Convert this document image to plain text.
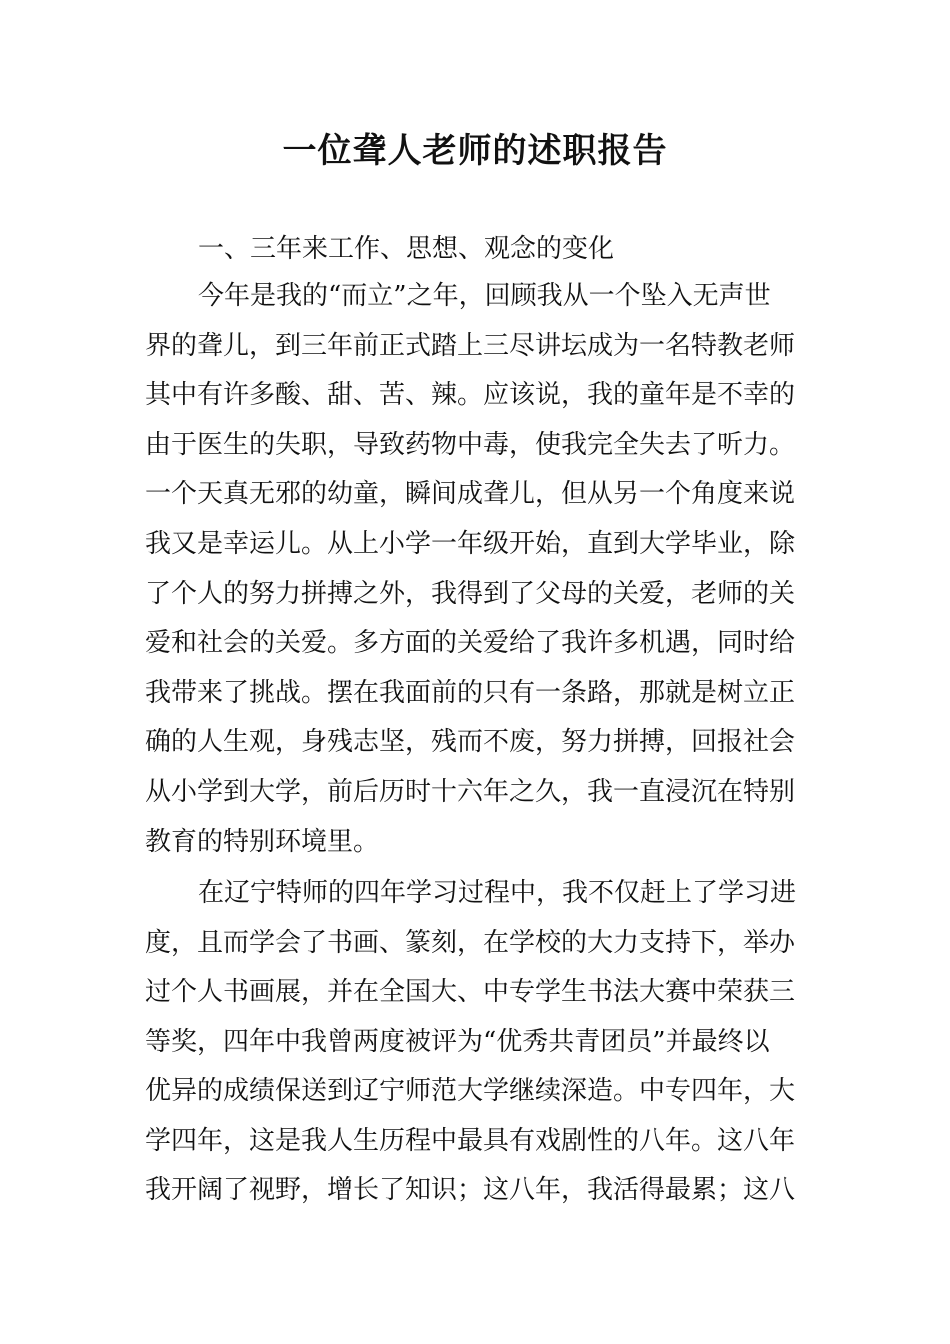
一位聋人老师的述职报告
一、三年来工作、思想、观念的变化
今年是我的“而立”之年，回顾我从一个坠入无声世
界的聋儿，到三年前正式踏上三尽讲坛成为一名特教老师
其中有许多酸、甜、苦、辣。应该说，我的童年是不幸的
由于医生的失职，导致药物中毒，使我完全失去了听力。
一个天真无邪的幼童，瞬间成聋儿，但从另一个角度来说
我又是幸运儿。从上小学一年级开始，直到大学毕业，除
了个人的努力拼搏之外，我得到了父母的关爱，老师的关
爱和社会的关爱。多方面的关爱给了我许多机遇，同时给
我带来了挑战。摆在我面前的只有一条路，那就是树立正
确的人生观，身残志坚，残而不废，努力拼搏，回报社会
从小学到大学，前后历时十六年之久，我一直浸沉在特别
教育的特别环境里。
在辽宁特师的四年学习过程中，我不仅赶上了学习进
度，且而学会了书画、篆刻，在学校的大力支持下，举办
过个人书画展，并在全国大、中专学生书法大赛中荣获三
等奖，四年中我曾两度被评为“优秀共青团员”并最终以
优异的成绩保送到辽宁师范大学继续深造。中专四年，大
学四年，这是我人生历程中最具有戏剧性的八年。这八年
我开阔了视野，增长了知识；这八年，我活得最累；这八
